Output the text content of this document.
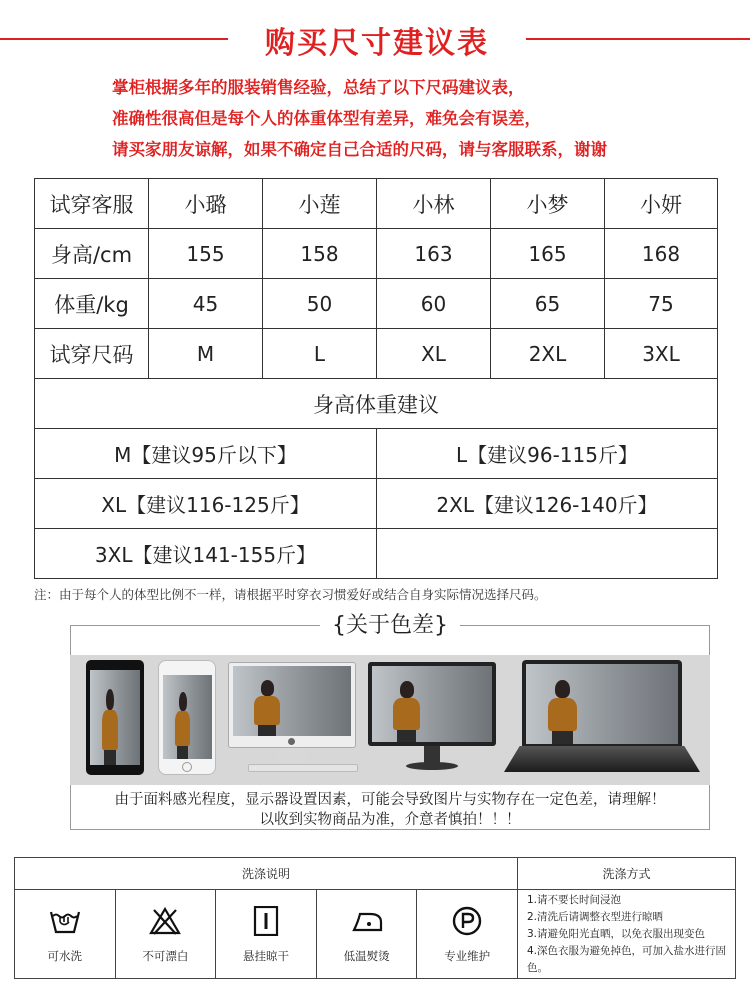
购买尺寸建议表

掌柜根据多年的服装销售经验，总结了以下尺码建议表，

准确性很高但是每个人的体重体型有差异，难免会有误差，

请买家朋友谅解，如果不确定自己合适的尺码，请与客服联系，谢谢

试穿客服	小璐	小莲	小林	小梦	小妍
身高/cm	155	158	163	165	168
体重/kg	45	50	60	65	75
试穿尺码	M	L	XL	2XL	3XL
身高体重建议					
M【建议95斤以下】			L【建议96-115斤】		
XL【建议116-125斤】			2XL【建议126-140斤】		
3XL【建议141-155斤】					
注：由于每个人的体型比例不一样，请根据平时穿衣习惯爱好或结合自身实际情况选择尺码。
{关于色差}
由于面料感光程度，显示器设置因素，可能会导致图片与实物存在一定色差，请理解！
以收到实物商品为准，介意者慎拍！！！
洗涤说明	洗涤方式
可水洗	不可漂白	悬挂晾干	低温熨烫	专业维护
1.请不要长时间浸泡
2.清洗后请调整衣型进行晾晒
3.请避免阳光直晒，以免衣服出现变色
4.深色衣服为避免掉色，可加入盐水进行固色。
